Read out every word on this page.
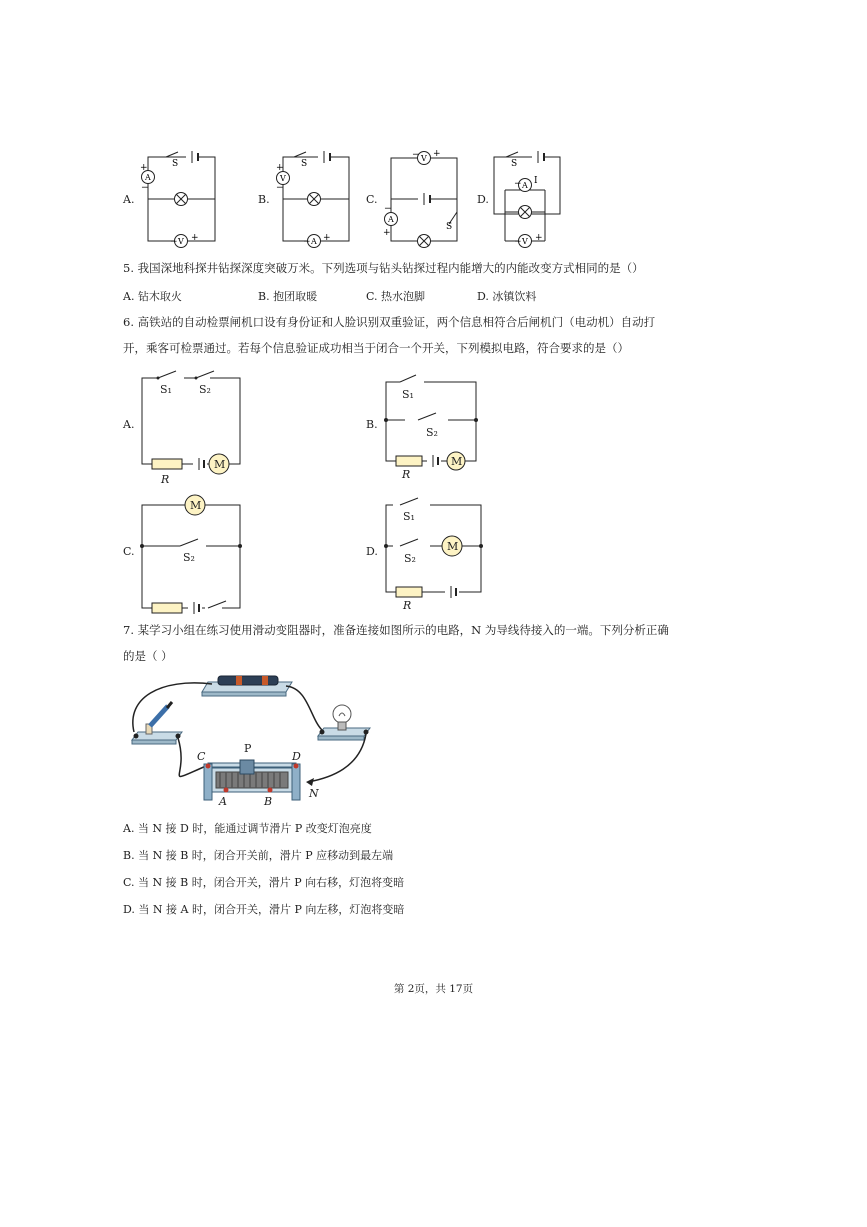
A.	B.	C.	D.
A
V
S
+
−
− +
V
A
S
+
−
− +
V
A
− +
−
+
S
A
V
S
− I
− +
5. 我国深地科探井钻探深度突破万米。下列选项与钻头钻探过程内能增大的内能改变方式相同的是（）
A. 钻木取火	B. 抱团取暖	C. 热水泡脚	D. 冰镇饮料
6. 高铁站的自动检票闸机口设有身份证和人脸识别双重验证，两个信息相符合后闸机门（电动机）自动打
开，乘客可检票通过。若每个信息验证成功相当于闭合一个开关，下列模拟电路，符合要求的是（）
A.	B.
C.	D.
M	M
M
M
S₁ S₂
R
S₁
S₂
R
S₂
S₁
S₂
R
7. 某学习小组在练习使用滑动变阻器时，准备连接如图所示的电路，N 为导线待接入的一端。下列分析正确
的是（ ）
C
P
D
A	B
N
A. 当 N 接 D 时，能通过调节滑片 P 改变灯泡亮度
B. 当 N 接 B 时，闭合开关前，滑片 P 应移动到最左端
C. 当 N 接 B 时，闭合开关，滑片 P 向右移，灯泡将变暗
D. 当 N 接 A 时，闭合开关，滑片 P 向左移，灯泡将变暗
第 2页，共 17页
